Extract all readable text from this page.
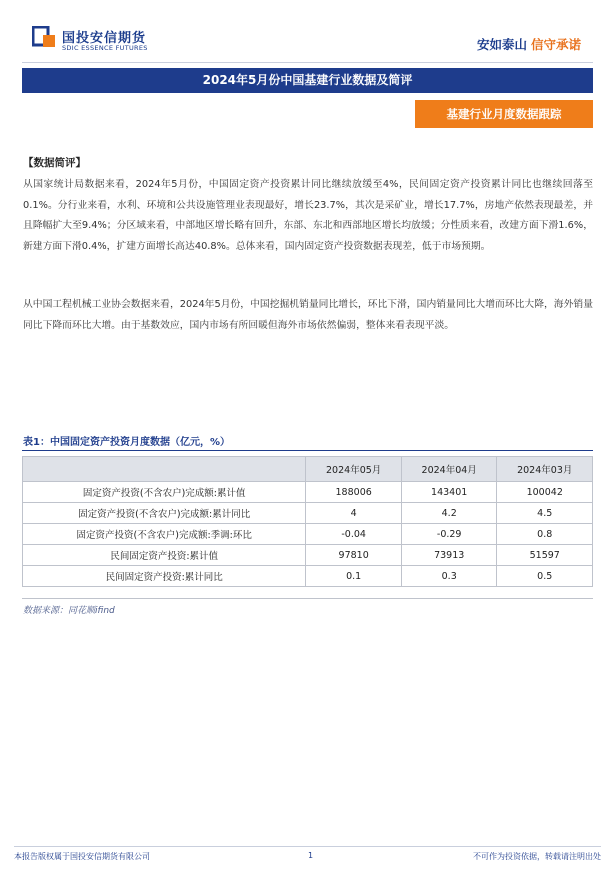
国投安信期货
SDIC ESSENCE FUTURES	安如泰山 信守承诺
2024年5月份中国基建行业数据及简评
基建行业月度数据跟踪
【数据简评】

从国家统计局数据来看，2024年5月份，中国固定资产投资累计同比继续放缓至4%，民间固定资产投资累计同比也继续回落至0.1%。分行业来看，水利、环境和公共设施管理业表现最好，增长23.7%，其次是采矿业，增长17.7%，房地产依然表现最差，并且降幅扩大至9.4%；分区域来看，中部地区增长略有回升，东部、东北和西部地区增长均放缓；分性质来看，改建方面下滑1.6%，新建方面下滑0.4%，扩建方面增长高达40.8%。总体来看，国内固定资产投资数据表现差，低于市场预期。

从中国工程机械工业协会数据来看，2024年5月份，中国挖掘机销量同比增长，环比下滑，国内销量同比大增而环比大降，海外销量同比下降而环比大增。由于基数效应，国内市场有所回暖但海外市场依然偏弱，整体来看表现平淡。

表1：中国固定资产投资月度数据（亿元，%）
	2024年05月	2024年04月	2024年03月
固定资产投资(不含农户)完成额:累计值	188006	143401	100042
固定资产投资(不含农户)完成额:累计同比	4	4.2	4.5
固定资产投资(不含农户)完成额:季调:环比	-0.04	-0.29	0.8
民间固定资产投资:累计值	97810	73913	51597
民间固定资产投资:累计同比	0.1	0.3	0.5
数据来源：同花顺ifind
本报告版权属于国投安信期货有限公司	1	不可作为投资依据，转载请注明出处
